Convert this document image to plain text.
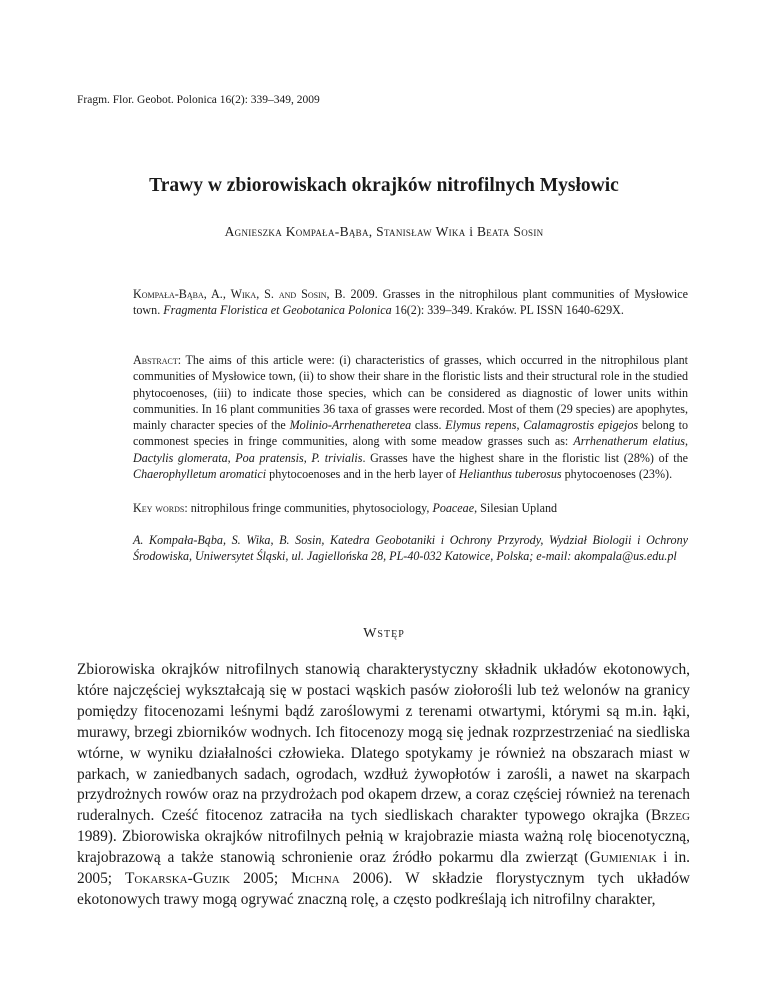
Fragm. Flor. Geobot. Polonica 16(2): 339–349, 2009
Trawy w zbiorowiskach okrajków nitrofilnych Mysłowic
Agnieszka Kompała-Bąba, Stanisław Wika i Beata Sosin

Kompała-Bąba, A., Wika, S. and Sosin, B. 2009. Grasses in the nitrophilous plant communities of Mysłowice town. Fragmenta Floristica et Geobotanica Polonica 16(2): 339–349. Kraków. PL ISSN 1640-629X.

Abstract: The aims of this article were: (i) characteristics of grasses, which occurred in the nitrophilous plant communities of Mysłowice town, (ii) to show their share in the floristic lists and their structural role in the studied phytocoenoses, (iii) to indicate those species, which can be considered as diagnostic of lower units within communities. In 16 plant communities 36 taxa of grasses were recorded. Most of them (29 species) are apophytes, mainly character species of the Molinio-Arrhenatheretea class. Elymus repens, Calamagrostis epigejos belong to commonest species in fringe communities, along with some meadow grasses such as: Arrhenatherum elatius, Dactylis glomerata, Poa pratensis, P. trivialis. Grasses have the highest share in the floristic list (28%) of the Chaerophylletum aromatici phytocoenoses and in the herb layer of Helianthus tuberosus phytocoenoses (23%).

Key words: nitrophilous fringe communities, phytosociology, Poaceae, Silesian Upland

A. Kompała-Bąba, S. Wika, B. Sosin, Katedra Geobotaniki i Ochrony Przyrody, Wydział Biologii i Ochrony Środowiska, Uniwersytet Śląski, ul. Jagiellońska 28, PL-40-032 Katowice, Polska; e-mail: akompala@us.edu.pl

Wstęp

Zbiorowiska okrajków nitrofilnych stanowią charakterystyczny składnik układów ekotonowych, które najczęściej wykształcają się w postaci wąskich pasów ziołorośli lub też welonów na granicy pomiędzy fitocenozami leśnymi bądź zaroślowymi z terenami otwartymi, którymi są m.in. łąki, murawy, brzegi zbiorników wodnych. Ich fitocenozy mogą się jednak rozprzestrzeniać na siedliska wtórne, w wyniku działalności człowieka. Dlatego spotykamy je również na obszarach miast w parkach, w zaniedbanych sadach, ogrodach, wzdłuż żywopłotów i zarośli, a nawet na skarpach przydrożnych rowów oraz na przydrożach pod okapem drzew, a coraz częściej również na terenach ruderalnych. Cześć fitocenoz zatraciła na tych siedliskach charakter typowego okrajka (Brzeg 1989). Zbiorowiska okrajków nitrofilnych pełnią w krajobrazie miasta ważną rolę biocenotyczną, krajobrazową a także stanowią schronienie oraz źródło pokarmu dla zwierząt (Gumieniak i in. 2005; Tokarska-Guzik 2005; Michna 2006). W składzie florystycznym tych układów ekotonowych trawy mogą ogrywać znaczną rolę, a często podkreślają ich nitrofilny charakter,
